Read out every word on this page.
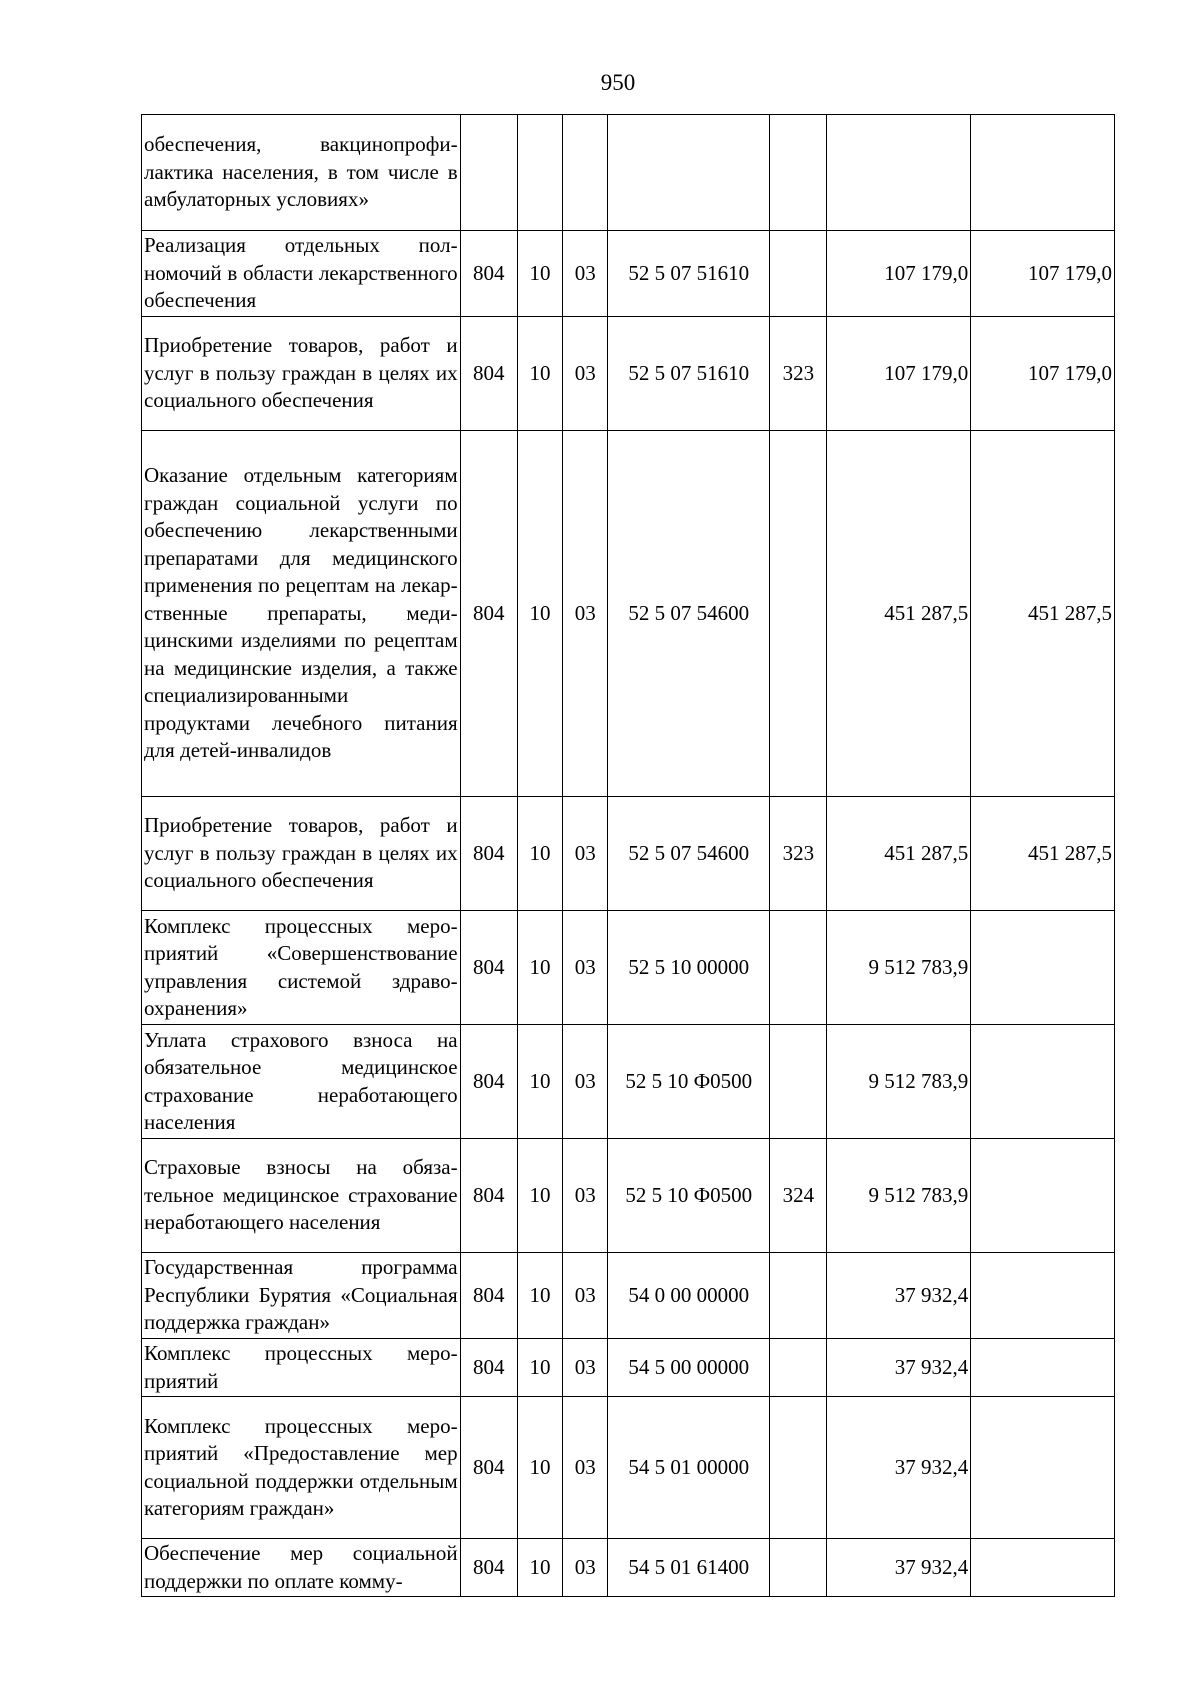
950
обеспечения, вакцинопрофилактика населения, в том числе в амбулаторных условиях»							
Реализация отдельных полномочий в области лекарственного обеспечения	804	10	03	52 5 07 51610		107 179,0	107 179,0
Приобретение товаров, работ и услуг в пользу граждан в целях их социального обеспечения	804	10	03	52 5 07 51610	323	107 179,0	107 179,0
Оказание отдельным категориям граждан социальной услуги по обеспечению лекарственными препаратами для медицинского применения по рецептам на лекарственные препараты, медицинскими изделиями по рецептам на медицинские изделия, а также специализированными продуктами лечебного питания для детей-инвалидов	804	10	03	52 5 07 54600		451 287,5	451 287,5
Приобретение товаров, работ и услуг в пользу граждан в целях их социального обеспечения	804	10	03	52 5 07 54600	323	451 287,5	451 287,5
Комплекс процессных мероприятий «Совершенствование управления системой здравоохранения»	804	10	03	52 5 10 00000		9 512 783,9	
Уплата страхового взноса на обязательное медицинское страхование неработающего населения	804	10	03	52 5 10 Ф0500		9 512 783,9	
Страховые взносы на обязательное медицинское страхование неработающего населения	804	10	03	52 5 10 Ф0500	324	9 512 783,9	
Государственная программа Республики Бурятия «Социальная поддержка граждан»	804	10	03	54 0 00 00000		37 932,4	
Комплекс процессных мероприятий	804	10	03	54 5 00 00000		37 932,4	
Комплекс процессных мероприятий «Предоставление мер социальной поддержки отдельным категориям граждан»	804	10	03	54 5 01 00000		37 932,4	
Обеспечение мер социальной поддержки по оплате комму-	804	10	03	54 5 01 61400		37 932,4	
